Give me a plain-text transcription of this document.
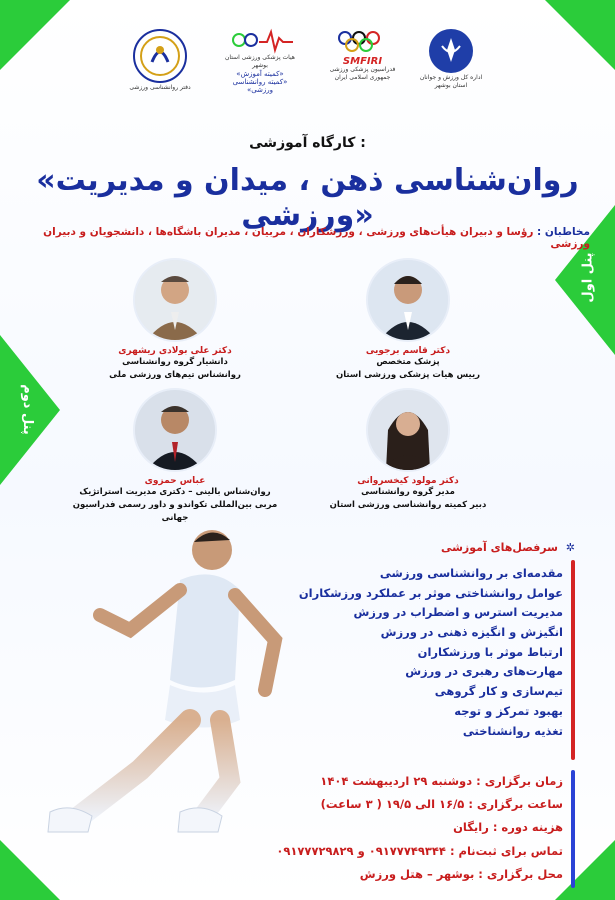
پنل اول
پنل دوم
دفتر روانشناسی ورزشی
هیات پزشکی ورزشی استان بوشهر
«کمیته آموزش»
«کمیته روانشناسی ورزشی»
SMFIRI
فدراسیون پزشکی ورزشی جمهوری اسلامی ایران	اداره کل ورزش و جوانان استان بوشهر
کارگاه آموزشی :
«روان‌شناسی ذهن ، میدان و مدیریت ورزشی»	مخاطبان : رؤسا و دبیران هیأت‌های ورزشی ، ورزشکاران ، مربیان ، مدیران باشگاه‌ها ، دانشجویان و دبیران ورزشی
دکتر قاسم برجویی
پزشک متخصص
رییس هیات پزشکی ورزشی استان
دکتر علی بولادی ریشهری
دانشیار گروه روانشناسی
روانشناس تیم‌های ورزشی ملی
دکتر مولود کیخسروانی
مدیر گروه روانشناسی
دبیر کمیته روانشناسی ورزشی استان
عباس حمزوی
روان‌شناس بالینی – دکتری مدیریت استراتژیک
مربی بین‌المللی تکواندو و داور رسمی فدراسیون جهانی
✲ سرفصل‌های آموزشی
مقدمه‌ای بر روانشناسی ورزشی
عوامل روانشناختی موثر بر عملکرد ورزشکاران
مدیریت استرس و اضطراب در ورزش
انگیزش و انگیزه ذهنی در ورزش
ارتباط موثر با ورزشکاران
مهارت‌های رهبری در ورزش
تیم‌سازی و کار گروهی
بهبود تمرکز و توجه
تغذیه روانشناختی
زمان برگزاری : دوشنبه ۲۹ اردیبهشت ۱۴۰۴
ساعت برگزاری : ۱۶/۵ الی ۱۹/۵ ( ۳ ساعت)
هزینه دوره : رایگان
تماس برای ثبت‌نام : ۰۹۱۷۷۷۴۹۳۴۴ و ۰۹۱۷۷۷۲۹۸۲۹
محل برگزاری : بوشهر – هتل ورزش
